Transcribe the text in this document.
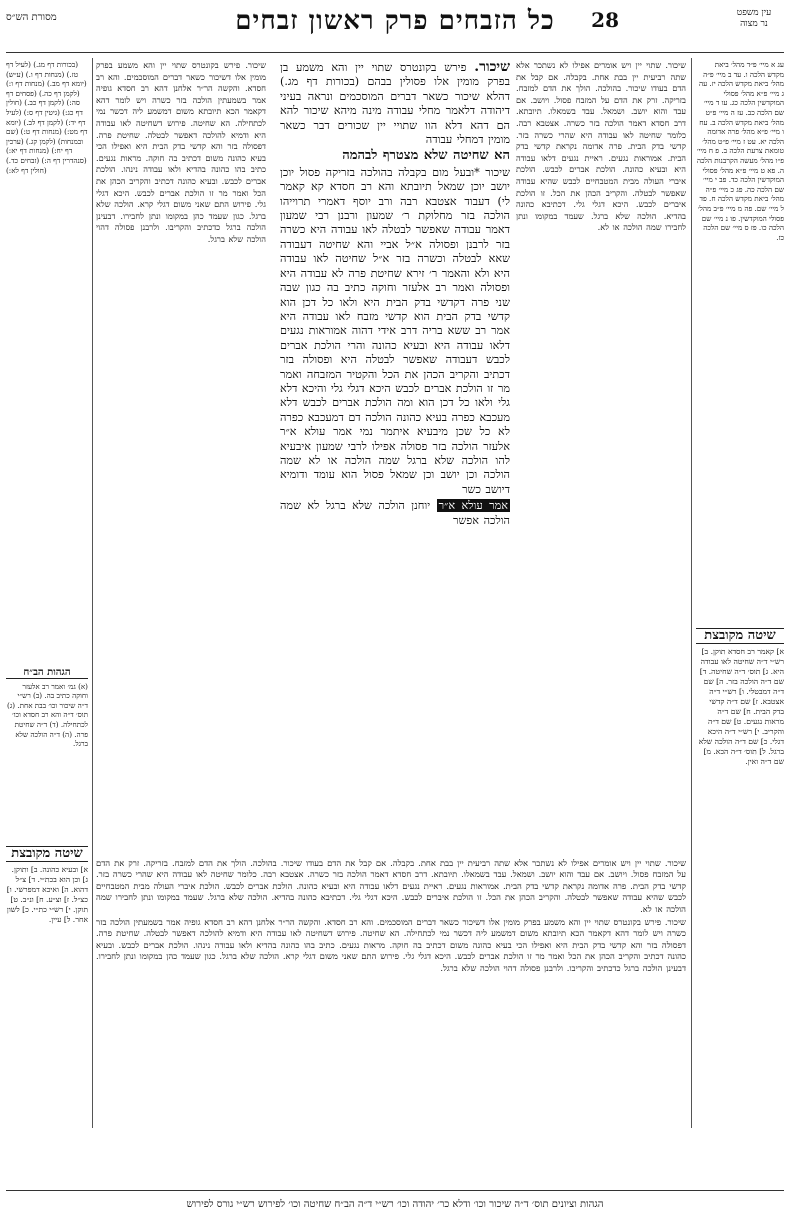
עין משפט
נר מצוה
28
כל הזבחים פרק ראשון זבחים
מסורת הש״ס
עג א מיי׳ פ״ד מהל׳ ביאת מקדש הלכה ו. עד ב מיי׳ פ״ה מהל׳ ביאת מקדש הלכה יז. עה ג מיי׳ פ״א מהל׳ פסולי המוקדשין הלכה כג. עו ד מיי׳ שם הלכה כב. עז ה מיי׳ פ״ט מהל׳ ביאת מקדש הלכה ב. עח ו מיי׳ פ״א מהל׳ פרה אדומה הלכה יא. עט ז מיי׳ פ״ט מהל׳ טומאת צרעת הלכה ב. פ ח מיי׳ פ״ו מהל׳ מעשה הקרבנות הלכה ה. פא ט מיי׳ פ״א מהל׳ פסולי המוקדשין הלכה כד. פב י מיי׳ שם הלכה כה. פג כ מיי׳ פ״ה מהל׳ ביאת מקדש הלכה ח. פד ל מיי׳ שם. פה מ מיי׳ פ״ב מהל׳ פסולי המוקדשין. פו נ מיי׳ שם הלכה כו. פז ס מיי׳ שם הלכה כז.
שיטה מקובצת
א] קאמר רב חסדא תוקן. ב] רש״י ד״ה שחיטה לאו עבודה היא. ג] תוס׳ ד״ה שחיטה. ד] שם ד״ה הולכה בזר. ה] שם ד״ה דמבטלי. ו] רש״י ד״ה אצטבא. ז] שם ד״ה קדשי בדק הבית. ח] שם ד״ה מראות נגעים. ט] שם ד״ה והקריב. י] רש״י ד״ה היכא דגלי. כ] שם ד״ה הולכה שלא ברגל. ל] תוס׳ ד״ה הכא. מ] שם ד״ה ואין.
(בכורות דף מג.) (לעיל דף טז.) (מנחות דף ו.) (ע״ש) (יומא דף מב.) (מנחות דף ו:) (לקמן דף כה.) (פסחים דף סה:) (לקמן דף כב.) (חולין דף כג:) (גיטין דף ס:) (לעיל דף יד:) (לקמן דף לב.) (יומא דף מט:) (מנחות דף ט:) (שם ובמנחות) (לקמן קג.) (ערכין דף יח:) (מנחות דף יא:) (סנהדרין דף ה:) (זבחים כד.) (חולין דף לא:)
הגהות הב״ח
(א) גמ׳ ואמר רב אלעזר וחוקה כתיב בה. (ב) רש״י ד״ה שיכור וכו׳ בבת אחת. (ג) תוס׳ ד״ה והא רב חסדא וכו׳ לכתחילה. (ד) ד״ה שחיטת פרה. (ה) ד״ה הולכה שלא ברגל.
שיטה מקובצת
א] ובעיא כהונה. ב] ותוקן. ג] וכן הוא בכת״י. ד] צ״ל דהוא. ה] ואיכא דמפרשי. ו] כצ״ל. ז] וצ״ע. ח] ונ״ב. ט] תוקן. י] רש״י כת״י. כ] לשון אחר. ל] עיין.

שיכור. שתוי יין ויש אומרים אפילו לא נשתכר אלא שתה רביעית יין בבת אחת. בקבלה. אם קבל את הדם בעודו שיכור. בהולכה. הולך את הדם למזבח. בזריקה. זרק את הדם על המזבח פסול. ויושב. אם עבד והוא יושב. ושמאל. עבד בשמאלו. תיובתא. דרב חסדא דאמר הולכה בזר כשרה. אצטבא רבה. כלומר שחיטה לאו עבודה היא שהרי כשרה בזר. קדשי בדק הבית. פרה אדומה נקראת קדשי בדק הבית. אמוראות נגעים. ראיית נגעים דלאו עבודה היא ובעיא כהונה. הולכת אברים לכבש. הולכת איברי העולה מבית המטבחיים לכבש שהיא עבודה שאפשר לבטלה. והקריב הכהן את הכל. זו הולכת איברים לכבש. היכא דגלי גלי. דכתיבא כהונה בהדיא. הולכה שלא ברגל. שעמד במקומו ונתן לחבירו שמה הולכה או לא.

שיכור. פירש בקונטרס שתוי יין והא משמע בפרק מומין אלו דשיכור כשאר דברים המוסכמים. והא רב חסדא. והקשה הר״ר אלחנן דהא רב חסדא גופיה אמר בשמעתין הולכה בזר כשרה ויש לומר דהא דקאמר הכא תיובתא משום דמשמע ליה דכשר נמי לכתחילה. הא שחיטה. פירוש דשחיטה לאו עבודה היא ודמיא להולכה דאפשר לבטלה. שחיטת פרה. דפסולה בזר והא קדשי בדק הבית היא ואפילו הכי בעיא כהונה משום דכתיב בה חוקה. מראות נגעים. כתיב בהו כהונה בהדיא ולאו עבודה נינהו. הולכת אברים לכבש. ובעיא כהונה דכתיב והקריב הכהן את הכל ואמר מר זו הולכת אברים לכבש. היכא דגלי גלי. פירוש התם שאני משום דגלי קרא. הולכה שלא ברגל. כגון שעמד כהן במקומו ונתן לחבירו. דבעינן הולכה ברגל כדכתיב והקריבו. ולרבנן פסולה דהוי הולכה שלא ברגל.

שיכור. פירש בקונטרס שתוי יין והא משמע בן בפרק מומין אלו פסולין בבהם (בכורות דף מג.) דהלא שיכור כשאר דברים המוסכמים ונראה בעיני דיהודה דלאמר מחלי עבודה מינה מיהא שיכור להא הם דהא דלא הוו שתויי יין שכורים דבר כשאר מומין דמחלי עבודה

הא שחיטה שלא מצטרף לבהמה

שיכור *ובעל מום בקבלה בהולכה בזריקה פסול יוכן יושב יוכן שמאל תיובתא והא רב חסדא קא קאמר לי) דעבוד אצטבא רבה ורב יוסף דאמרי תרוייהו הולכה בזר מחלוקת ר׳ שמעון ורבנן רבי שמעון דאמר עבודה שאפשר לבטלה לאו עבודה היא כשרה בזר לרבנן ופסולה א״ל אביי והא שחיטה דעבודה שאא לבטלה וכשרה בזר א״ל שחיטה לאו עבודה היא ולא והאמר ר׳ זירא שחיטת פרה לא עבודה היא ופסולה ואמר רב אלעזר וחוקה כתיב בה כגון שבה שני פרה דקדשי בדק הבית היא ולאו כל דכן הוא קדשי בדק הבית הוא קדשי מזבח לאו עבודה היא אמר רב ששא בריה דרב אידי דהוה אמוראות נגעים דלאו עבודה היא ובעיא כהונה והרי הולכת אברים לכבש דעבודה שאפשר לבטלה היא ופסולה בזר דכתיב והקריב הכהן את הכל והקטיר המזבחה ואמר מר זו הולכת אברים לכבש היכא דגלי גלי והיכא דלא גלי ולאו כל דכן הוא ומה הולכת אברים לכבש דלא מעכבא כפרה בעיא כהונה הולכה דם דמעכבא כפרה לא כל שכן מיבעיא איתמר נמי אמר עולא א״ר אלעזר הולכה בזר פסולה אפילו לרבי שמעון איבעיא להו הולכה שלא ברגל שמה הולכה או לא שמה הולכה וכן יושב וכן שמאל פסול הוא עומד ודומיא דיושב כשר

אמר עולא א״ר יוחנן הולכה שלא ברגל לא שמה הולכה אפשר

שיכור. שתוי יין ויש אומרים אפילו לא נשתכר אלא שתה רביעית יין בבת אחת. בקבלה. אם קבל את הדם בעודו שיכור. בהולכה. הולך את הדם למזבח. בזריקה. זרק את הדם על המזבח פסול. ויושב. אם עבד והוא יושב. ושמאל. עבד בשמאלו. תיובתא. דרב חסדא דאמר הולכה בזר כשרה. אצטבא רבה. כלומר שחיטה לאו עבודה היא שהרי כשרה בזר. קדשי בדק הבית. פרה אדומה נקראת קדשי בדק הבית. אמוראות נגעים. ראיית נגעים דלאו עבודה היא ובעיא כהונה. הולכת אברים לכבש. הולכת איברי העולה מבית המטבחיים לכבש שהיא עבודה שאפשר לבטלה. והקריב הכהן את הכל. זו הולכת איברים לכבש. היכא דגלי גלי. דכתיבא כהונה בהדיא. הולכה שלא ברגל. שעמד במקומו ונתן לחבירו שמה הולכה או לא.

שיכור. פירש בקונטרס שתוי יין והא משמע בפרק מומין אלו דשיכור כשאר דברים המוסכמים. והא רב חסדא. והקשה הר״ר אלחנן דהא רב חסדא גופיה אמר בשמעתין הולכה בזר כשרה ויש לומר דהא דקאמר הכא תיובתא משום דמשמע ליה דכשר נמי לכתחילה. הא שחיטה. פירוש דשחיטה לאו עבודה היא ודמיא להולכה דאפשר לבטלה. שחיטת פרה. דפסולה בזר והא קדשי בדק הבית היא ואפילו הכי בעיא כהונה משום דכתיב בה חוקה. מראות נגעים. כתיב בהו כהונה בהדיא ולאו עבודה נינהו. הולכת אברים לכבש. ובעיא כהונה דכתיב והקריב הכהן את הכל ואמר מר זו הולכת אברים לכבש. היכא דגלי גלי. פירוש התם שאני משום דגלי קרא. הולכה שלא ברגל. כגון שעמד כהן במקומו ונתן לחבירו. דבעינן הולכה ברגל כדכתיב והקריבו. ולרבנן פסולה דהוי הולכה שלא ברגל.

הגהות וציונים תוס׳ ד״ה שיכור וכו׳ ודלא כר׳ יהודה וכו׳ רש״י ד״ה הב״ח שחיטה וכו׳ לפירוש רש״י גורס לפירוש
